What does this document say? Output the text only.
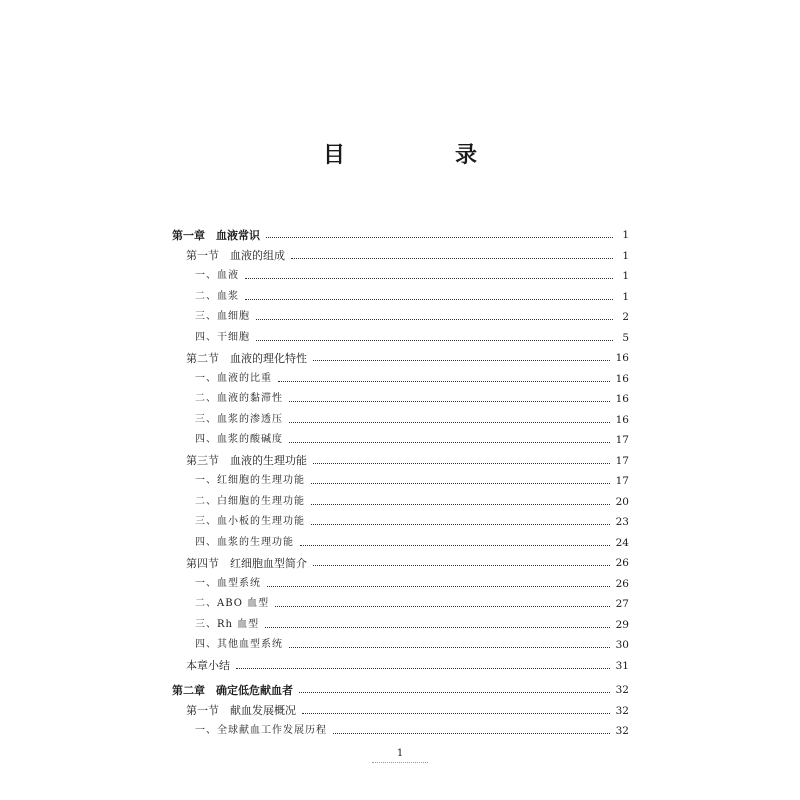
目　录
第一章 血液常识	1
第一节 血液的组成	1
一、血液	1
二、血浆	1
三、血细胞	2
四、干细胞	5
第二节 血液的理化特性	16
一、血液的比重	16
二、血液的黏滞性	16
三、血浆的渗透压	16
四、血浆的酸碱度	17
第三节 血液的生理功能	17
一、红细胞的生理功能	17
二、白细胞的生理功能	20
三、血小板的生理功能	23
四、血浆的生理功能	24
第四节 红细胞血型简介	26
一、血型系统	26
二、ABO 血型	27
三、Rh 血型	29
四、其他血型系统	30
本章小结	31
第二章 确定低危献血者	32
第一节 献血发展概况	32
一、全球献血工作发展历程	32
1
